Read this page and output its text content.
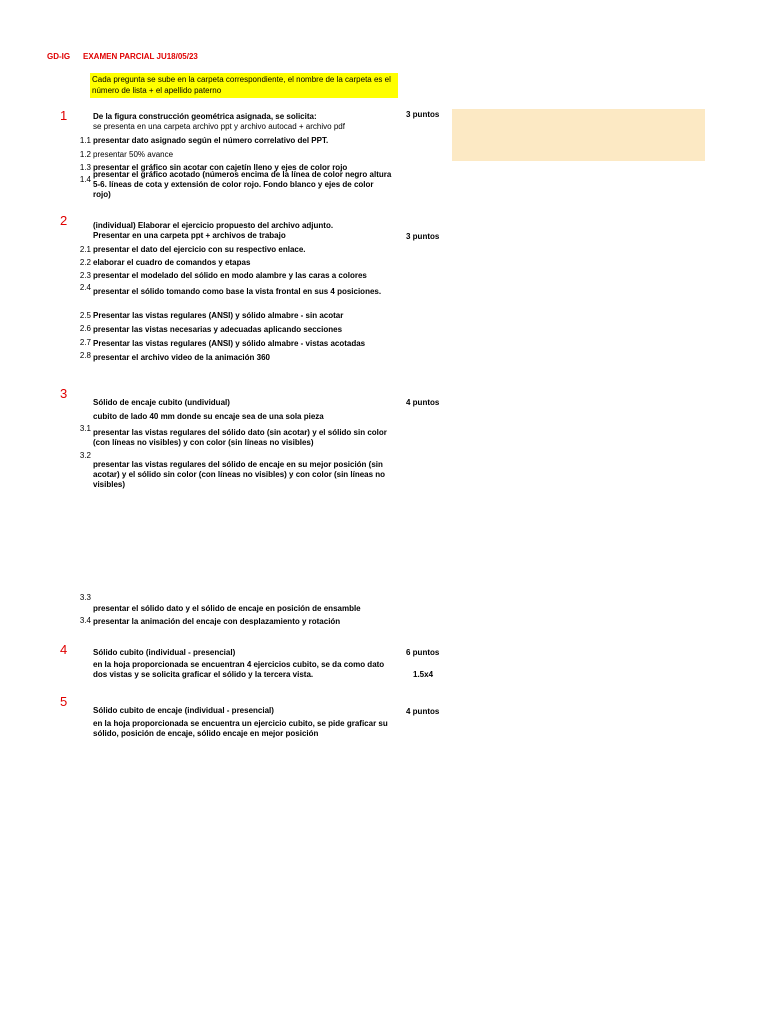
GD-IG EXAMEN PARCIAL JU18/05/23
Cada pregunta se sube en la carpeta correspondiente, el nombre de la carpeta es el número de lista + el apellido paterno
1	3 puntos
De la figura construcción geométrica asignada, se solicita:
se presenta en una carpeta archivo ppt y archivo autocad + archivo pdf
1.1 presentar dato asignado según el número correlativo del PPT.
1.2 presentar 50% avance
1.3 presentar el gráfico sin acotar con cajetín lleno y ejes de color rojo
1.4
presentar el gráfico acotado (números encima de la línea de color negro altura 5-6. líneas de cota y extensión de color rojo. Fondo blanco y ejes de color rojo)
2
3 puntos
(individual) Elaborar el ejercicio propuesto del archivo adjunto.
Presentar en una carpeta ppt + archivos de trabajo
2.1 presentar el dato del ejercicio con su respectivo enlace.
2.2 elaborar el cuadro de comandos y etapas
2.3 presentar el modelado del sólido en modo alambre y las caras a colores
2.4 presentar el sólido tomando como base la vista frontal en sus 4 posiciones.
2.5 Presentar las vistas regulares (ANSI) y sólido almabre - sin acotar
2.6 presentar las vistas necesarias y adecuadas aplicando secciones
2.7 Presentar las vistas regulares (ANSI) y sólido almabre - vistas acotadas
2.8 presentar el archivo video de la animación 360
3
4 puntos
Sólido de encaje cubito (undividual)
cubito de lado 40 mm donde su encaje sea de una sola pieza
3.1 presentar las vistas regulares del sólido dato (sin acotar) y el sólido sin color (con líneas no visibles) y con color (sin líneas no visibles)
3.2
presentar las vistas regulares del sólido de encaje en su mejor posición (sin acotar) y el sólido sin color (con líneas no visibles) y con color (sin líneas no visibles)
3.3
presentar el sólido dato y el sólido de encaje en posición de ensamble
3.4 presentar la animación del encaje con desplazamiento y rotación
4	6 puntos
1.5x4
Sólido cubito (individual - presencial)
en la hoja proporcionada se encuentran 4 ejercicios cubito, se da como dato dos vistas y se solicita graficar el sólido y la tercera vista.
5
4 puntos
Sólido cubito de encaje (individual - presencial)
en la hoja proporcionada se encuentra un ejercicio cubito, se pide graficar su sólido, posición de encaje, sólido encaje en mejor posición
